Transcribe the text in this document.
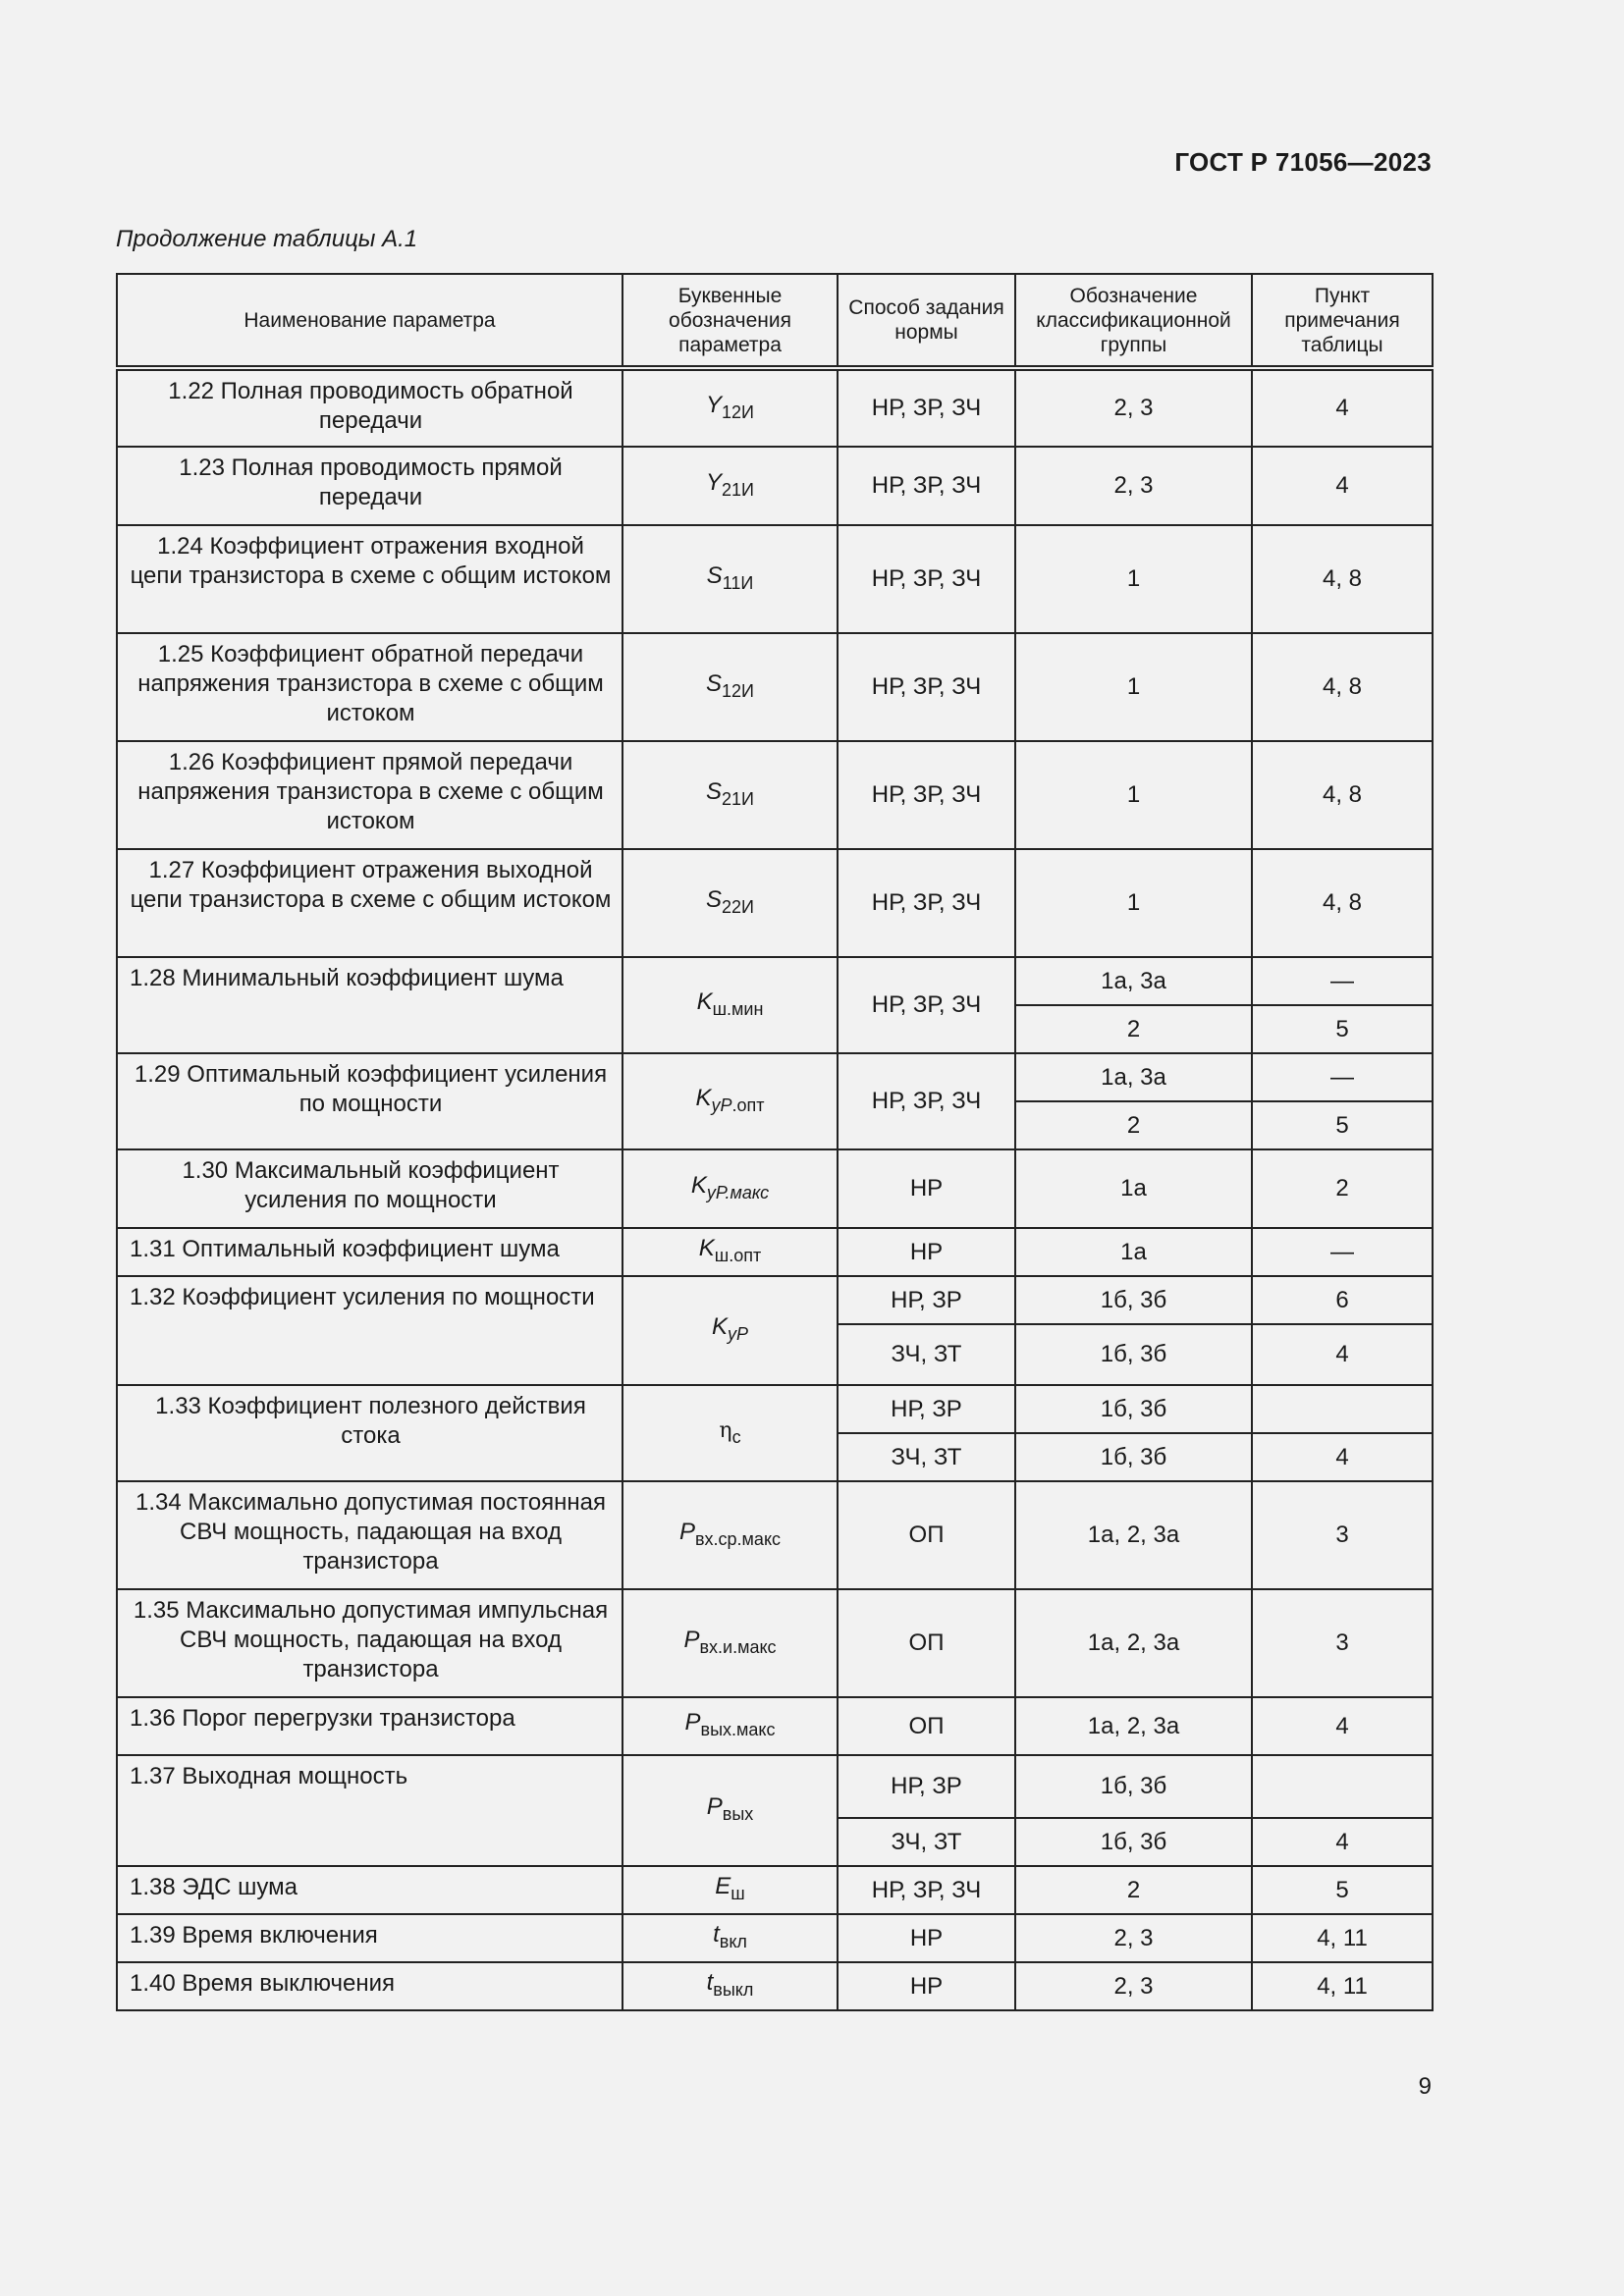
ГОСТ Р 71056—2023
Продолжение таблицы А.1
Наименование параметра	Буквенные обозначения параметра	Способ задания нормы	Обозначение классификационной группы	Пункт примечания таблицы
1.22 Полная проводимость обратной передачи	$Y_{12И}$	НР, ЗР, ЗЧ	2, 3	4
1.23 Полная проводимость прямой передачи	$Y_{21И}$	НР, ЗР, ЗЧ	2, 3	4
1.24 Коэффициент отражения входной цепи транзистора в схеме с общим истоком	$S_{11И}$	НР, ЗР, ЗЧ	1	4, 8
1.25 Коэффициент обратной передачи напряжения транзистора в схеме с общим истоком	$S_{12И}$	НР, ЗР, ЗЧ	1	4, 8
1.26 Коэффициент прямой передачи напряжения транзистора в схеме с общим истоком	$S_{21И}$	НР, ЗР, ЗЧ	1	4, 8
1.27 Коэффициент отражения выходной цепи транзистора в схеме с общим истоком	$S_{22И}$	НР, ЗР, ЗЧ	1	4, 8
1.28 Минимальный коэффициент шума	$K_{ш.мин}$	НР, ЗР, ЗЧ	1а, 3а	—
			2	5
1.29 Оптимальный коэффициент усиления по мощности	$K_{уP.опт}$	НР, ЗР, ЗЧ	1а, 3а	—
			2	5
1.30 Максимальный коэффициент усиления по мощности	$K_{уP.макс}$	НР	1а	2
1.31 Оптимальный коэффициент шума	$K_{ш.опт}$	НР	1а	—
1.32 Коэффициент усиления по мощности	$K_{уP}$	НР, ЗР	1б, 3б	6
		ЗЧ, ЗТ	1б, 3б	4
1.33 Коэффициент полезного действия стока	$\eta_с$	НР, ЗР	1б, 3б	
		ЗЧ, ЗТ	1б, 3б	4
1.34 Максимально допустимая постоянная СВЧ мощность, падающая на вход транзистора	$P_{вх.ср.макс}$	ОП	1а, 2, 3а	3
1.35 Максимально допустимая импульсная СВЧ мощность, падающая на вход транзистора	$P_{вх.и.макс}$	ОП	1а, 2, 3а	3
1.36 Порог перегрузки транзистора	$P_{вых.макс}$	ОП	1а, 2, 3а	4
1.37 Выходная мощность	$P_{вых}$	НР, ЗР	1б, 3б	
		ЗЧ, ЗТ	1б, 3б	4
1.38 ЭДС шума	$E_ш$	НР, ЗР, ЗЧ	2	5
1.39 Время включения	$t_{вкл}$	НР	2, 3	4, 11
1.40 Время выключения	$t_{выкл}$	НР	2, 3	4, 11
9
